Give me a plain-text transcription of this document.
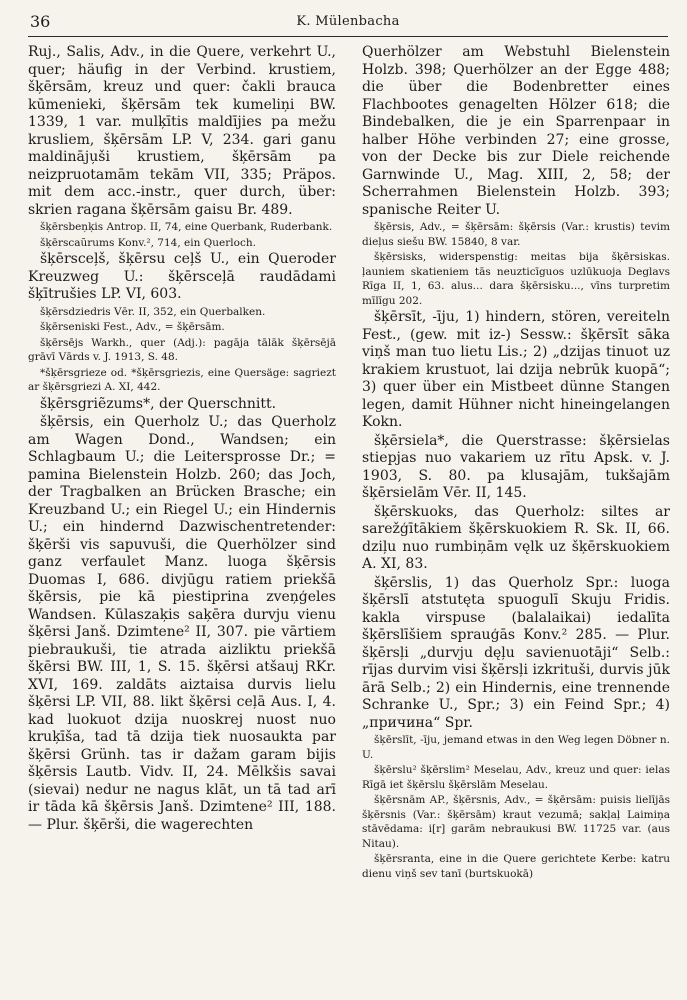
36	K. Mülenbacha

Ruj., Salis, Adv., in die Quere, verkehrt U., quer; häufig in der Verbind. krustiem, šķērsām, kreuz und quer: čakli brauca kūmenieki, šķērsām tek kumeliņi BW. 1339, 1 var. mulķītis maldījies pa mežu krusliem, šķērsām LP. V, 234. gari ganu maldināju̦ši krustiem, šķērsām pa neizpruotamām tekām VII, 335; Präpos. mit dem acc.-instr., quer durch, über: skrien ragana šķērsām gaisu Br. 489.

šķērsbeņķis Antrop. II, 74, eine Querbank, Ruderbank.

šķērscaũrums Konv.², 714, ein Querloch.

šķērsceļš, šķērsu ceļš U., ein Queroder Kreuzweg U.: šķērsceļā raudādami šķītrušies LP. VI, 603.

šķērsdziedris Vēr. II, 352, ein Querbalken.

šķērseniski Fest., Adv., = šķērsām.

šķērsējs Warkh., quer (Adj.): pagāja tālāk šķērsējā grāvī Vārds v. J. 1913, S. 48.

*šķērsgrieze od. *šķērsgriezis, eine Quersäge: sagriezt ar šķērsgriezi A. XI, 442.

šķērsgriẽzums*, der Querschnitt.

šķērsis, ein Querholz U.; das Querholz am Wagen Dond., Wandsen; ein Schlagbaum U.; die Leitersprosse Dr.; = pamina Bielenstein Holzb. 260; das Joch, der Tragbalken an Brücken Brasche; ein Kreuzband U.; ein Riegel U.; ein Hindernis U.; ein hindernd Dazwischentretender: šķērši vis sapuvuši, die Querhölzer sind ganz verfaulet Manz. luoga šķērsis Duomas I, 686. divjūgu ratiem priekšā šķērsis, pie kā piestiprina zveņģeles Wandsen. Kūlaszaķis saķēra durvju vienu šķērsi Janš. Dzimtene² II, 307. pie vārtiem piebraukuši, tie atrada aizliktu priekšā šķērsi BW. III, 1, S. 15. šķērsi atšauj RKr. XVI, 169. zaldāts aiztaisa durvis lielu šķērsi LP. VII, 88. likt šķērsi ceļā Aus. I, 4. kad luokuot dzija nuoskrej nuost nuo kruķīša, tad tā dzija tiek nuosaukta par šķērsi Grünh. tas ir dažam garam bijis šķērsis Lautb. Vidv. II, 24. Mēlkšis savai (sievai) nedur ne nagus klāt, un tā tad arī ir tāda kā šķērsis Janš. Dzimtene² III, 188. — Plur. šķērši, die wagerechten

Querhölzer am Webstuhl Bielenstein Holzb. 398; Querhölzer an der Egge 488; die über die Bodenbretter eines Flachbootes genagelten Hölzer 618; die Bindebalken, die je ein Sparrenpaar in halber Höhe verbinden 27; eine grosse, von der Decke bis zur Diele reichende Garnwinde U., Mag. XIII, 2, 58; der Scherrahmen Bielenstein Holzb. 393; spanische Reiter U.

šķērsis, Adv., = šķērsām: šķērsis (Var.: krustis) tevim dieļus siešu BW. 15840, 8 var.

šķērsisks, widerspenstig: meitas bija šķērsiskas. ļauniem skatieniem tās neuzticīguos uzlūkuoja Deglavs Rīga II, 1, 63. alus... dara šķērsisku..., vīns turpretim mīlīgu 202.

šķērsīt, -īju, 1) hindern, stören, vereiteln Fest., (gew. mit iz-) Sessw.: šķērsīt sāka viņš man tuo lietu Lis.; 2) „dzijas tinuot uz krakiem krustuot, lai dzija nebrūk kuopā“; 3) quer über ein Mistbeet dünne Stangen legen, damit Hühner nicht hineingelangen Kokn.

šķērsiela*, die Querstrasse: šķērsielas stiepjas nuo vakariem uz rītu Apsk. v. J. 1903, S. 80. pa klusajām, tukšajām šķērsielām Vēr. II, 145.

šķērskuoks, das Querholz: siltes ar sarežģītākiem šķērskuokiem R. Sk. II, 66. dziļu nuo rumbiņām vęlk uz šķērskuokiem A. XI, 83.

šķērslis, 1) das Querholz Spr.: luoga šķērslī atstutęta spuogulī Skuju Fridis. kakla virspuse (balalaikai) iedalīta šķērslīšiem sprauģās Konv.² 285. — Plur. šķērsļi „durvju dęļu savienuotāji“ Selb.: rījas durvim visi šķērsļi izkrituši, durvis jūk ārā Selb.; 2) ein Hindernis, eine trennende Schranke U., Spr.; 3) ein Feind Spr.; 4) „причина“ Spr.

šķērslīt, -īju, jemand etwas in den Weg legen Döbner n. U.

šķērslu² šķērslim² Meselau, Adv., kreuz und quer: ielas Rīgā iet šķērslu šķērslām Meselau.

šķērsnām AP., šķērsnis, Adv., = šķērsām: puisis lielījās šķērsnis (Var.: šķērsām) kraut vezumā; sakļaļ Laimiņa stāvēdama: i[r] garām nebraukusi BW. 11725 var. (aus Nitau).

šķērsranta, eine in die Quere gerichtete Kerbe: katru dienu viņš sev tanī (burtskuokā)
